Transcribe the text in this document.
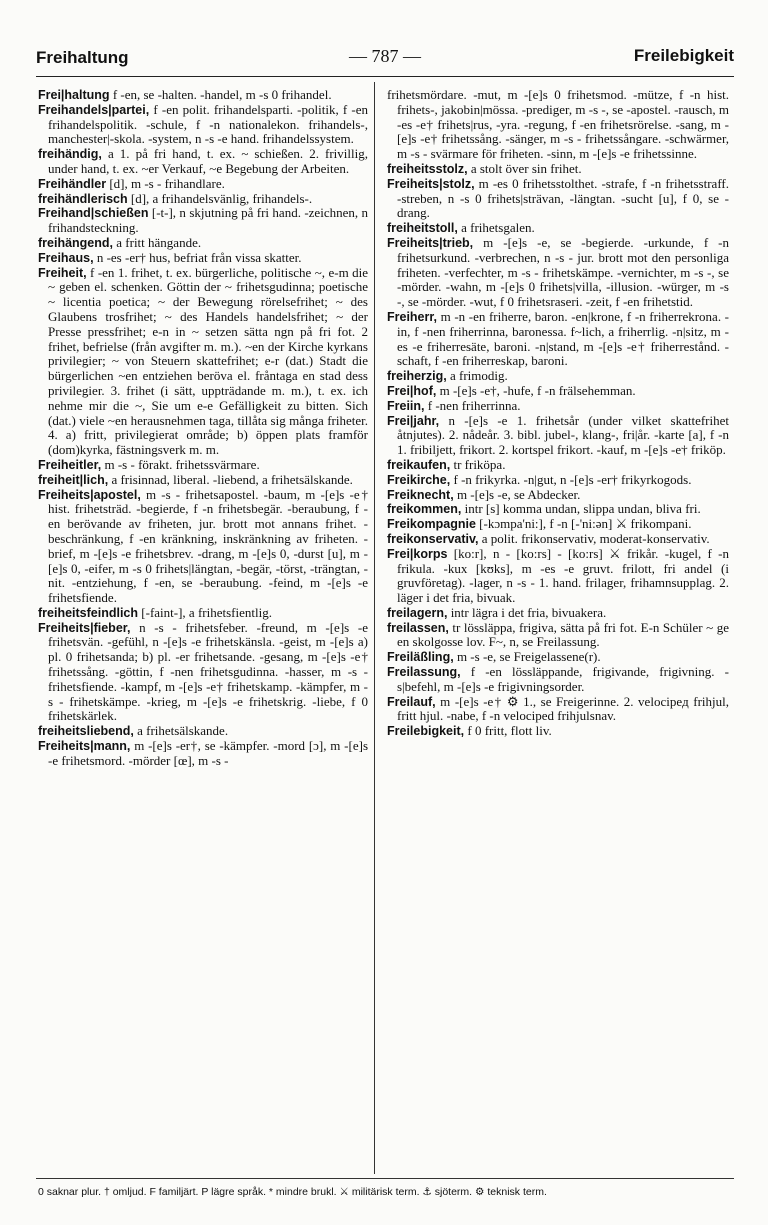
Freihaltung	— 787 —	Freilebigkeit

Frei|haltung f -en, se -halten. -handel, m -s 0 frihandel.

Freihandels|partei, f -en polit. frihandelsparti. -politik, f -en frihandelspolitik. -schule, f -n nationalekon. frihandels-, manchester|-skola. -system, n -s -e hand. frihandelssystem.

freihändig, a 1. på fri hand, t. ex. ~ schießen. 2. frivillig, under hand, t. ex. ~er Verkauf, ~e Begebung der Arbeiten.

Freihändler [d], m -s - frihandlare.

freihändlerisch [d], a frihandelsvänlig, frihandels-.

Freihand|schießen [-t-], n skjutning på fri hand. -zeichnen, n frihandsteckning.

freihängend, a fritt hängande.

Freihaus, n -es -er† hus, befriat från vissa skatter.

Freiheit, f -en 1. frihet, t. ex. bürgerliche, politische ~, e-m die ~ geben el. schenken. Göttin der ~ frihetsgudinna; poetische ~ licentia poetica; ~ der Bewegung rörelsefrihet; ~ des Glaubens trosfrihet; ~ des Handels handelsfrihet; ~ der Presse pressfrihet; e-n in ~ setzen sätta ngn på fri fot. 2 frihet, befrielse (från avgifter m. m.). ~en der Kirche kyrkans privilegier; ~ von Steuern skattefrihet; e-r (dat.) Stadt die bürgerlichen ~en entziehen beröva el. fråntaga en stad dess privilegier. 3. frihet (i sätt, uppträdande m. m.), t. ex. ich nehme mir die ~, Sie um e-e Gefälligkeit zu bitten. Sich (dat.) viele ~en herausnehmen taga, tillåta sig många friheter. 4. a) fritt, privilegierat område; b) öppen plats framför (dom)kyrka, fästningsverk m. m.

Freiheitler, m -s - förakt. frihetssvärmare.

freiheit|lich, a frisinnad, liberal. -liebend, a frihetsälskande.

Freiheits|apostel, m -s - frihetsapostel. -baum, m -[e]s -e† hist. frihetsträd. -begierde, f -n frihetsbegär. -beraubung, f -en berövande av friheten, jur. brott mot annans frihet. -beschränkung, f -en kränkning, inskränkning av friheten. -brief, m -[e]s -e frihetsbrev. -drang, m -[e]s 0, -durst [u], m -[e]s 0, -eifer, m -s 0 frihets|längtan, -begär, -törst, -trängtan, -nit. -entziehung, f -en, se -beraubung. -feind, m -[e]s -e frihetsfiende.

freiheitsfeindlich [-faint-], a frihetsfientlig.

Freiheits|fieber, n -s - frihetsfeber. -freund, m -[e]s -e frihetsvän. -gefühl, n -[e]s -e frihetskänsla. -geist, m -[e]s a) pl. 0 frihetsanda; b) pl. -er frihetsande. -gesang, m -[e]s -e† frihetssång. -göttin, f -nen frihetsgudinna. -hasser, m -s - frihetsfiende. -kampf, m -[e]s -e† frihetskamp. -kämpfer, m -s - frihetskämpe. -krieg, m -[e]s -e frihetskrig. -liebe, f 0 frihetskärlek.

freiheitsliebend, a frihetsälskande.

Freiheits|mann, m -[e]s -er†, se -kämpfer. -mord [ɔ], m -[e]s -e frihetsmord. -mörder [œ], m -s -

frihetsmördare. -mut, m -[e]s 0 frihetsmod. -mütze, f -n hist. frihets-, jakobin|mössa. -prediger, m -s -, se -apostel. -rausch, m -es -e† frihets|rus, -yra. -regung, f -en frihetsrörelse. -sang, m -[e]s -e† frihetssång. -sänger, m -s - frihetssångare. -schwärmer, m -s - svärmare för friheten. -sinn, m -[e]s -e frihetssinne.

freiheitsstolz, a stolt över sin frihet.

Freiheits|stolz, m -es 0 frihetsstolthet. -strafe, f -n frihetsstraff. -streben, n -s 0 frihets|strävan, -längtan. -sucht [u], f 0, se -drang.

freiheitstoll, a frihetsgalen.

Freiheits|trieb, m -[e]s -e, se -begierde. -urkunde, f -n frihetsurkund. -verbrechen, n -s - jur. brott mot den personliga friheten. -verfechter, m -s - frihetskämpe. -vernichter, m -s -, se -mörder. -wahn, m -[e]s 0 frihets|villa, -illusion. -würger, m -s -, se -mörder. -wut, f 0 frihetsraseri. -zeit, f -en frihetstid.

Freiherr, m -n -en friherre, baron. -en|krone, f -n friherrekrona. -in, f -nen friherrinna, baronessa. f~lich, a friherrlig. -n|sitz, m -es -e friherresäte, baroni. -n|stand, m -[e]s -e† friherrestånd. -schaft, f -en friherreskap, baroni.

freiherzig, a frimodig.

Frei|hof, m -[e]s -e†, -hufe, f -n frälsehemman.

Freiin, f -nen friherrinna.

Frei|jahr, n -[e]s -e 1. frihetsår (under vilket skattefrihet åtnjutes). 2. nådeår. 3. bibl. jubel-, klang-, fri|år. -karte [a], f -n 1. fribiljett, frikort. 2. kortspel frikort. -kauf, m -[e]s -e† friköp.

freikaufen, tr friköpa.

Freikirche, f -n frikyrka. -n|gut, n -[e]s -er† frikyrkogods.

Freiknecht, m -[e]s -e, se Abdecker.

freikommen, intr [s] komma undan, slippa undan, bliva fri.

Freikompagnie [-kɔmpa'ni:], f -n [-'ni:ən] ⚔ frikompani.

freikonservativ, a polit. frikonservativ, moderat-konservativ.

Frei|korps [ko:r], n - [ko:rs] - [ko:rs] ⚔ frikår. -kugel, f -n frikula. -kux [kʊks], m -es -e gruvt. frilott, fri andel (i gruvföretag). -lager, n -s - 1. hand. frilager, frihamnsupplag. 2. läger i det fria, bivuak.

freilagern, intr lägra i det fria, bivuakera.

freilassen, tr lössläppa, frigiva, sätta på fri fot. E-n Schüler ~ ge en skolgosse lov. F~, n, se Freilassung.

Freiläßling, m -s -e, se Freigelassene(r).

Freilassung, f -en lössläppande, frigivande, frigivning. -s|befehl, m -[e]s -e frigivningsorder.

Freilauf, m -[e]s -e† ⚙ 1., se Freigerinne. 2. velocipeд frihjul, fritt hjul. -nabe, f -n velociped frihjulsnav.

Freilebigkeit, f 0 fritt, flott liv.

0 saknar plur. † omljud. F familjärt. P lägre språk. * mindre brukl. ⚔ militärisk term. ⚓ sjöterm. ⚙ teknisk term.
